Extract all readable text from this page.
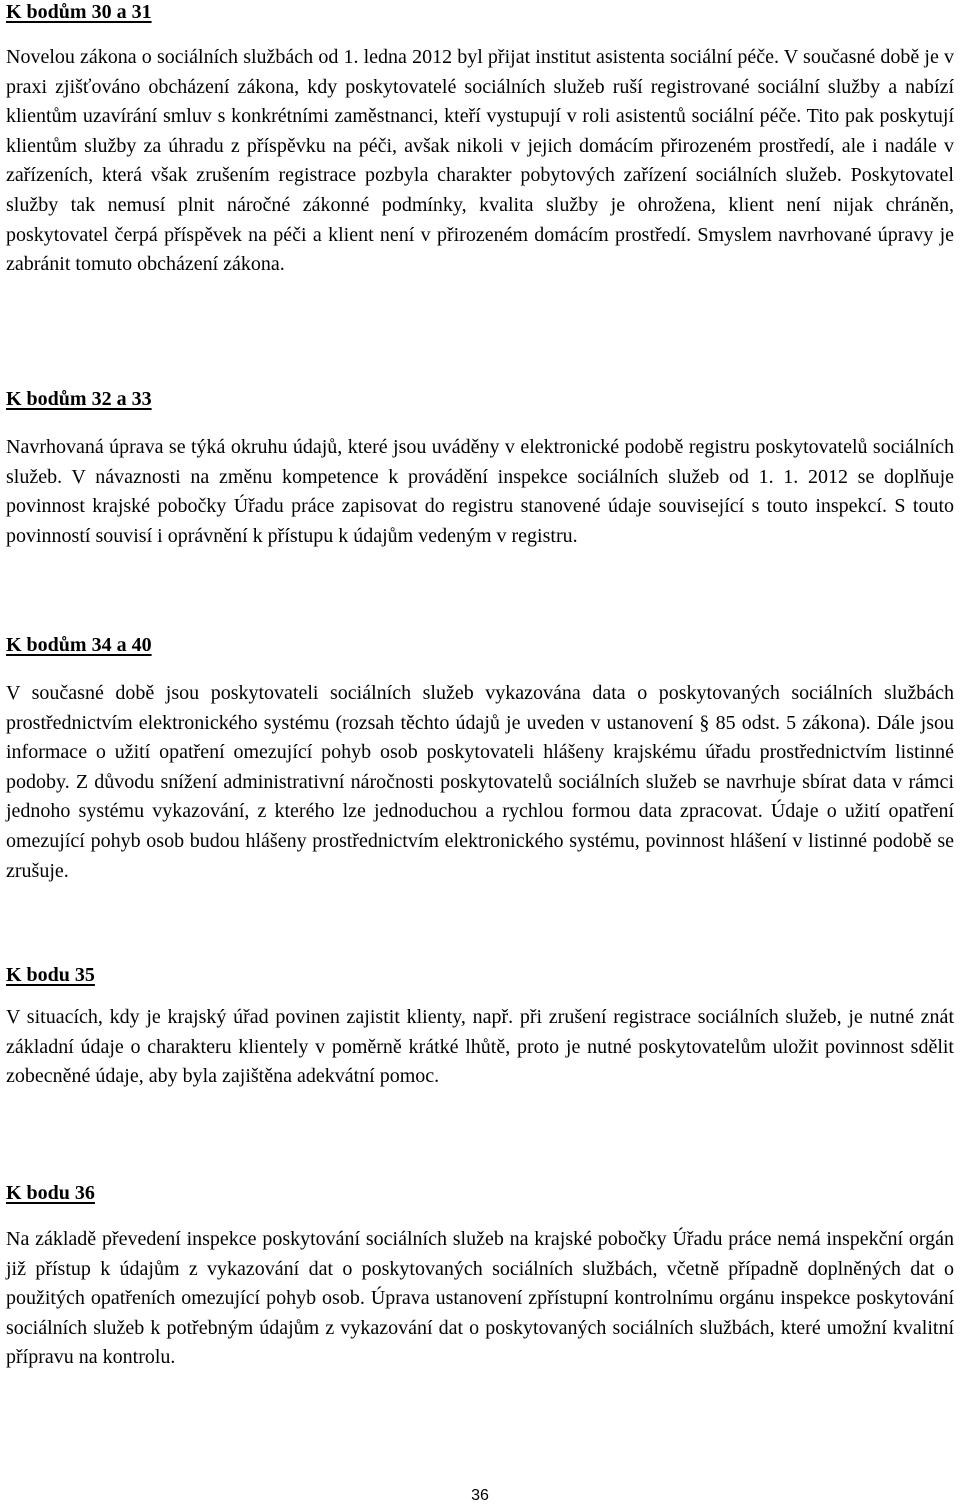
K bodům 30 a 31

Novelou zákona o sociálních službách od 1. ledna 2012 byl přijat institut asistenta sociální péče. V současné době je v praxi zjišťováno obcházení zákona, kdy poskytovatelé sociálních služeb ruší registrované sociální služby a nabízí klientům uzavírání smluv s konkrétními zaměstnanci, kteří vystupují v roli asistentů sociální péče. Tito pak poskytují klientům služby za úhradu z příspěvku na péči, avšak nikoli v jejich domácím přirozeném prostředí, ale i nadále v zařízeních, která však zrušením registrace pozbyla charakter pobytových zařízení sociálních služeb. Poskytovatel služby tak nemusí plnit náročné zákonné podmínky, kvalita služby je ohrožena, klient není nijak chráněn, poskytovatel čerpá příspěvek na péči a klient není v přirozeném domácím prostředí. Smyslem navrhované úpravy je zabránit tomuto obcházení zákona.

K bodům 32 a 33

Navrhovaná úprava se týká okruhu údajů, které jsou uváděny v elektronické podobě registru poskytovatelů sociálních služeb. V návaznosti na změnu kompetence k provádění inspekce sociálních služeb od 1. 1. 2012 se doplňuje povinnost krajské pobočky Úřadu práce zapisovat do registru stanovené údaje související s touto inspekcí. S touto povinností souvisí i oprávnění k přístupu k údajům vedeným v registru.

K bodům 34 a 40

V současné době jsou poskytovateli sociálních služeb vykazována data o poskytovaných sociálních službách prostřednictvím elektronického systému (rozsah těchto údajů je uveden v ustanovení § 85 odst. 5 zákona). Dále jsou informace o užití opatření omezující pohyb osob poskytovateli hlášeny krajskému úřadu prostřednictvím listinné podoby. Z důvodu snížení administrativní náročnosti poskytovatelů sociálních služeb se navrhuje sbírat data v rámci jednoho systému vykazování, z kterého lze jednoduchou a rychlou formou data zpracovat. Údaje o užití opatření omezující pohyb osob budou hlášeny prostřednictvím elektronického systému, povinnost hlášení v listinné podobě se zrušuje.

K bodu 35

V situacích, kdy je krajský úřad povinen zajistit klienty, např. při zrušení registrace sociálních služeb, je nutné znát základní údaje o charakteru klientely v poměrně krátké lhůtě, proto je nutné poskytovatelům uložit povinnost sdělit zobecněné údaje, aby byla zajištěna adekvátní pomoc.

K bodu 36

Na základě převedení inspekce poskytování sociálních služeb na krajské pobočky Úřadu práce nemá inspekční orgán již přístup k údajům z vykazování dat o poskytovaných sociálních službách, včetně případně doplněných dat o použitých opatřeních omezující pohyb osob. Úprava ustanovení zpřístupní kontrolnímu orgánu inspekce poskytování sociálních služeb k potřebným údajům z vykazování dat o poskytovaných sociálních službách, které umožní kvalitní přípravu na kontrolu.

36
